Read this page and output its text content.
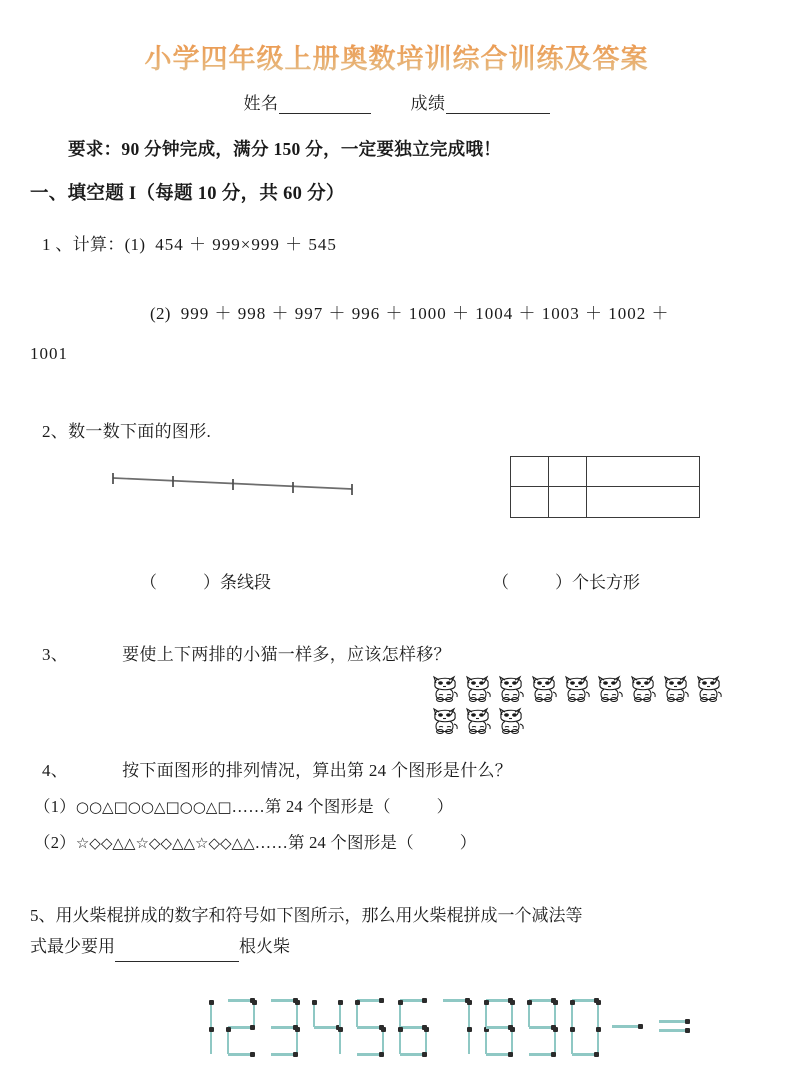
小学四年级上册奥数培训综合训练及答案
姓名	成绩

要求：90 分钟完成，满分 150 分，一定要独立完成哦！

一、填空题 I（每题 10 分，共 60 分）

1 、计算：(1) 454 ＋ 999×999 ＋ 545

(2) 999 ＋ 998 ＋ 997 ＋ 996 ＋ 1000 ＋ 1004 ＋ 1003 ＋ 1002 ＋

1001

2、数一数下面的图形.

（	）条线段	（	）个长方形

3、	要使上下两排的小猫一样多，应该怎样移？

4、	按下面图形的排列情况，算出第 24 个图形是什么？

（1）○○△□○○△□○○△□……第 24 个图形是（	）

（2）☆◇◇△△☆◇◇△△☆◇◇△△……第 24 个图形是（	）

5、用火柴棍拼成的数字和符号如下图所示，那么用火柴棍拼成一个减法等
式最少要用	根火柴
